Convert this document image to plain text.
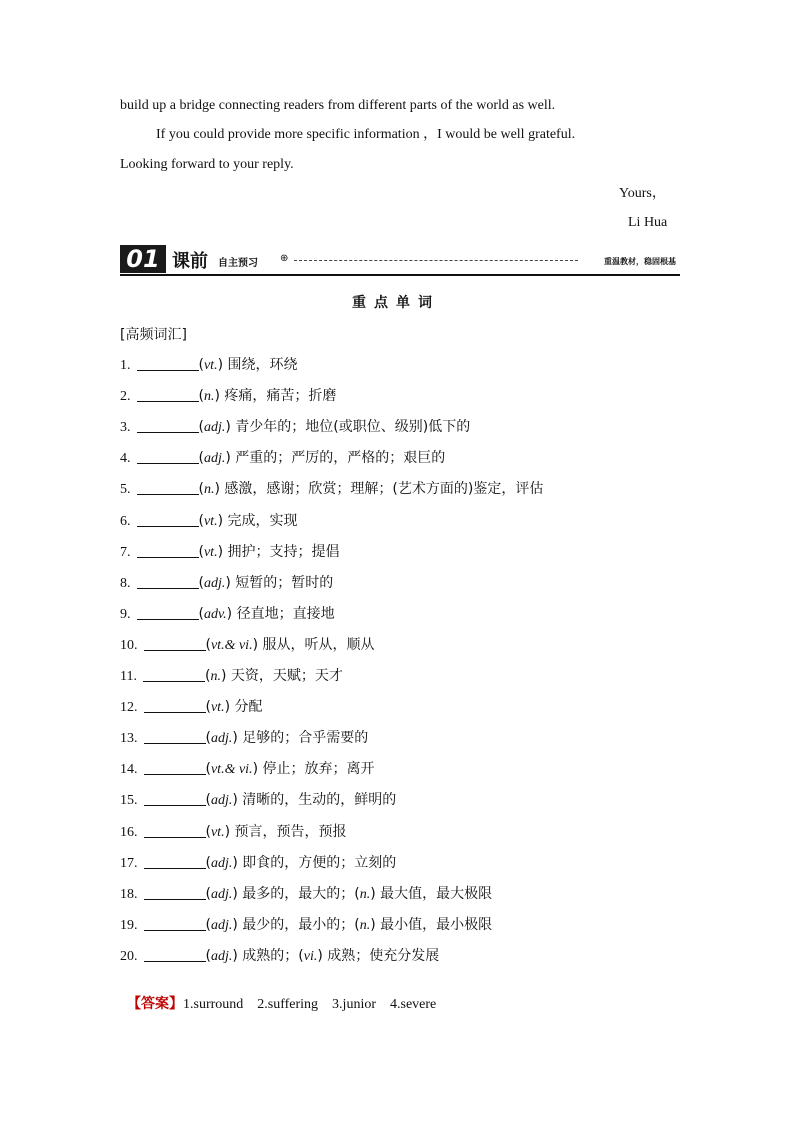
build up a bridge connecting readers from different parts of the world as well.
If you could provide more specific information ，I would be well grateful.
Looking forward to your reply.
Yours，
Li Hua
01 课前 自主预习 ⊕	重温教材，稳固根基
重点单词
[高频词汇]
1.	(vt.) 围绕，环绕
2.	(n.) 疼痛，痛苦；折磨
3.	(adj.) 青少年的；地位(或职位、级别)低下的
4.	(adj.) 严重的；严厉的，严格的；艰巨的
5.	(n.) 感激，感谢；欣赏；理解；(艺术方面的)鉴定，评估
6.	(vt.) 完成，实现
7.	(vt.) 拥护；支持；提倡
8.	(adj.) 短暂的；暂时的
9.	(adv.) 径直地；直接地
10.	(vt.& vi.) 服从，听从，顺从
11.	(n.) 天资，天赋；天才
12.	(vt.) 分配
13.	(adj.) 足够的；合乎需要的
14.	(vt.& vi.) 停止；放弃；离开
15.	(adj.) 清晰的，生动的，鲜明的
16.	(vt.) 预言，预告，预报
17.	(adj.) 即食的，方便的；立刻的
18.	(adj.) 最多的，最大的；(n.) 最大值，最大极限
19.	(adj.) 最少的，最小的；(n.) 最小值，最小极限
20.	(adj.) 成熟的；(vi.) 成熟；使充分发展

【答案】1.surround    2.suffering    3.junior    4.severe
